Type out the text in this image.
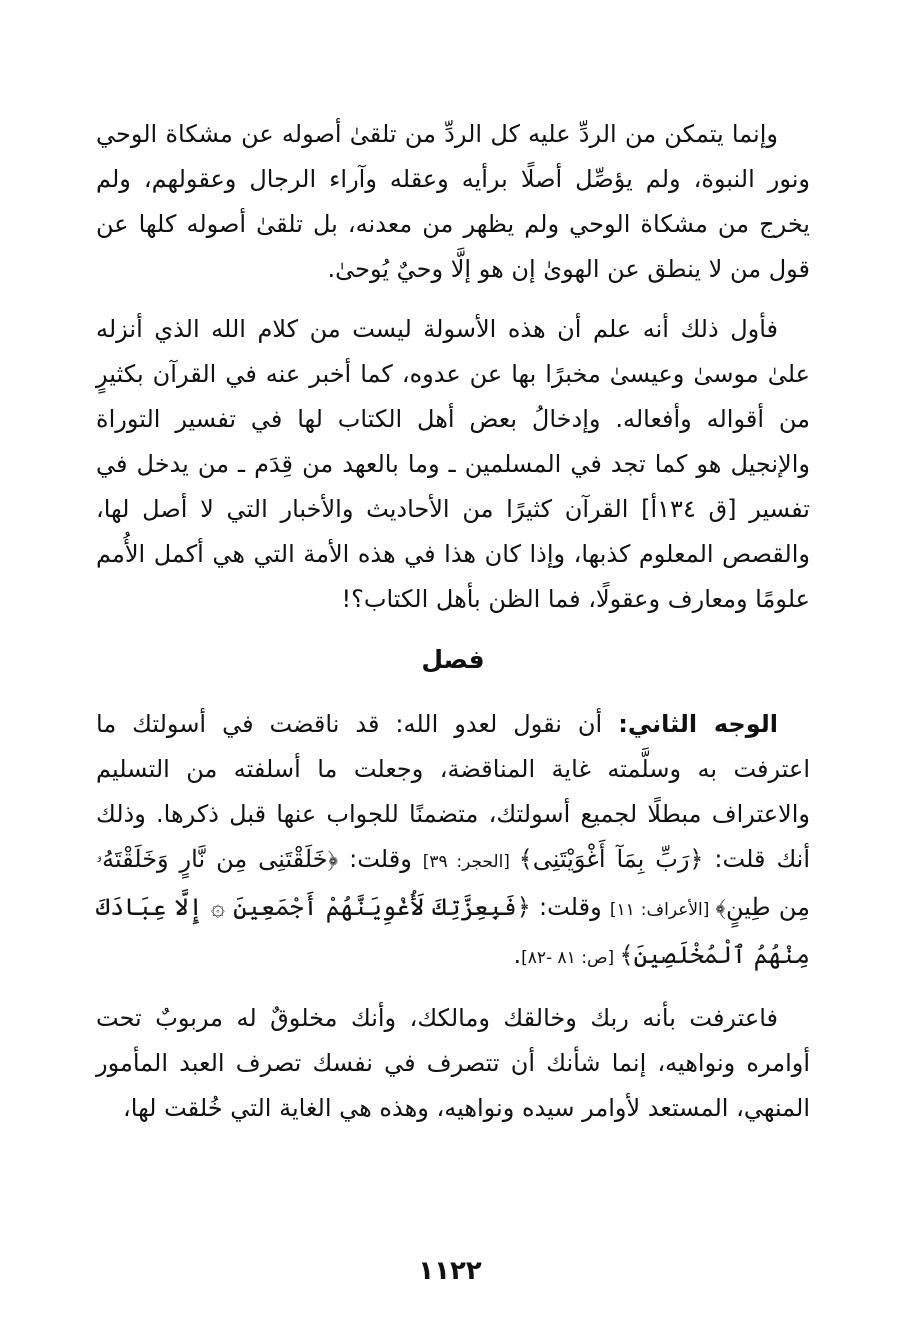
وإنما يتمكن من الردِّ عليه كل الردِّ من تلقىٰ أصوله عن مشكاة الوحي ونور النبوة، ولم يؤصِّل أصلًا برأيه وعقله وآراء الرجال وعقولهم، ولم يخرج من مشكاة الوحي ولم يظهر من معدنه، بل تلقىٰ أصوله كلها عن قول من لا ينطق عن الهوىٰ إن هو إلَّا وحيٌ يُوحىٰ.

فأول ذلك أنه علم أن هذه الأسولة ليست من كلام الله الذي أنزله علىٰ موسىٰ وعيسىٰ مخبرًا بها عن عدوه، كما أخبر عنه في القرآن بكثيرٍ من أقواله وأفعاله. وإدخالُ بعض أهل الكتاب لها في تفسير التوراة والإنجيل هو كما تجد في المسلمين ـ وما بالعهد من قِدَم ـ من يدخل في تفسير [ق ١٣٤أ] القرآن كثيرًا من الأحاديث والأخبار التي لا أصل لها، والقصص المعلوم كذبها، وإذا كان هذا في هذه الأمة التي هي أكمل الأُمم علومًا ومعارف وعقولًا، فما الظن بأهل الكتاب؟!

فصل

الوجه الثاني: أن نقول لعدو الله: قد ناقضت في أسولتك ما اعترفت به وسلَّمته غاية المناقضة، وجعلت ما أسلفته من التسليم والاعتراف مبطلًا لجميع أسولتك، متضمنًا للجواب عنها قبل ذكرها. وذلك أنك قلت: ﴿رَبِّ بِمَآ أَغْوَيْتَنِى﴾ [الحجر: ٣٩] وقلت: ﴿خَلَقْتَنِى مِن نَّارٍ وَخَلَقْتَهُۥ مِن طِينٍ﴾ [الأعراف: ١١] وقلت: ﴿فَبِعِزَّتِكَ لَأُغْوِيَنَّهُمْ أَجْمَعِينَ ۞ إِلَّا عِبَادَكَ مِنْهُمُ ٱلْمُخْلَصِينَ﴾ [ص: ٨١ -٨٢].

فاعترفت بأنه ربك وخالقك ومالكك، وأنك مخلوقٌ له مربوبٌ تحت أوامره ونواهيه، إنما شأنك أن تتصرف في نفسك تصرف العبد المأمور المنهي، المستعد لأوامر سيده ونواهيه، وهذه هي الغاية التي خُلقت لها،

١١٢٢
